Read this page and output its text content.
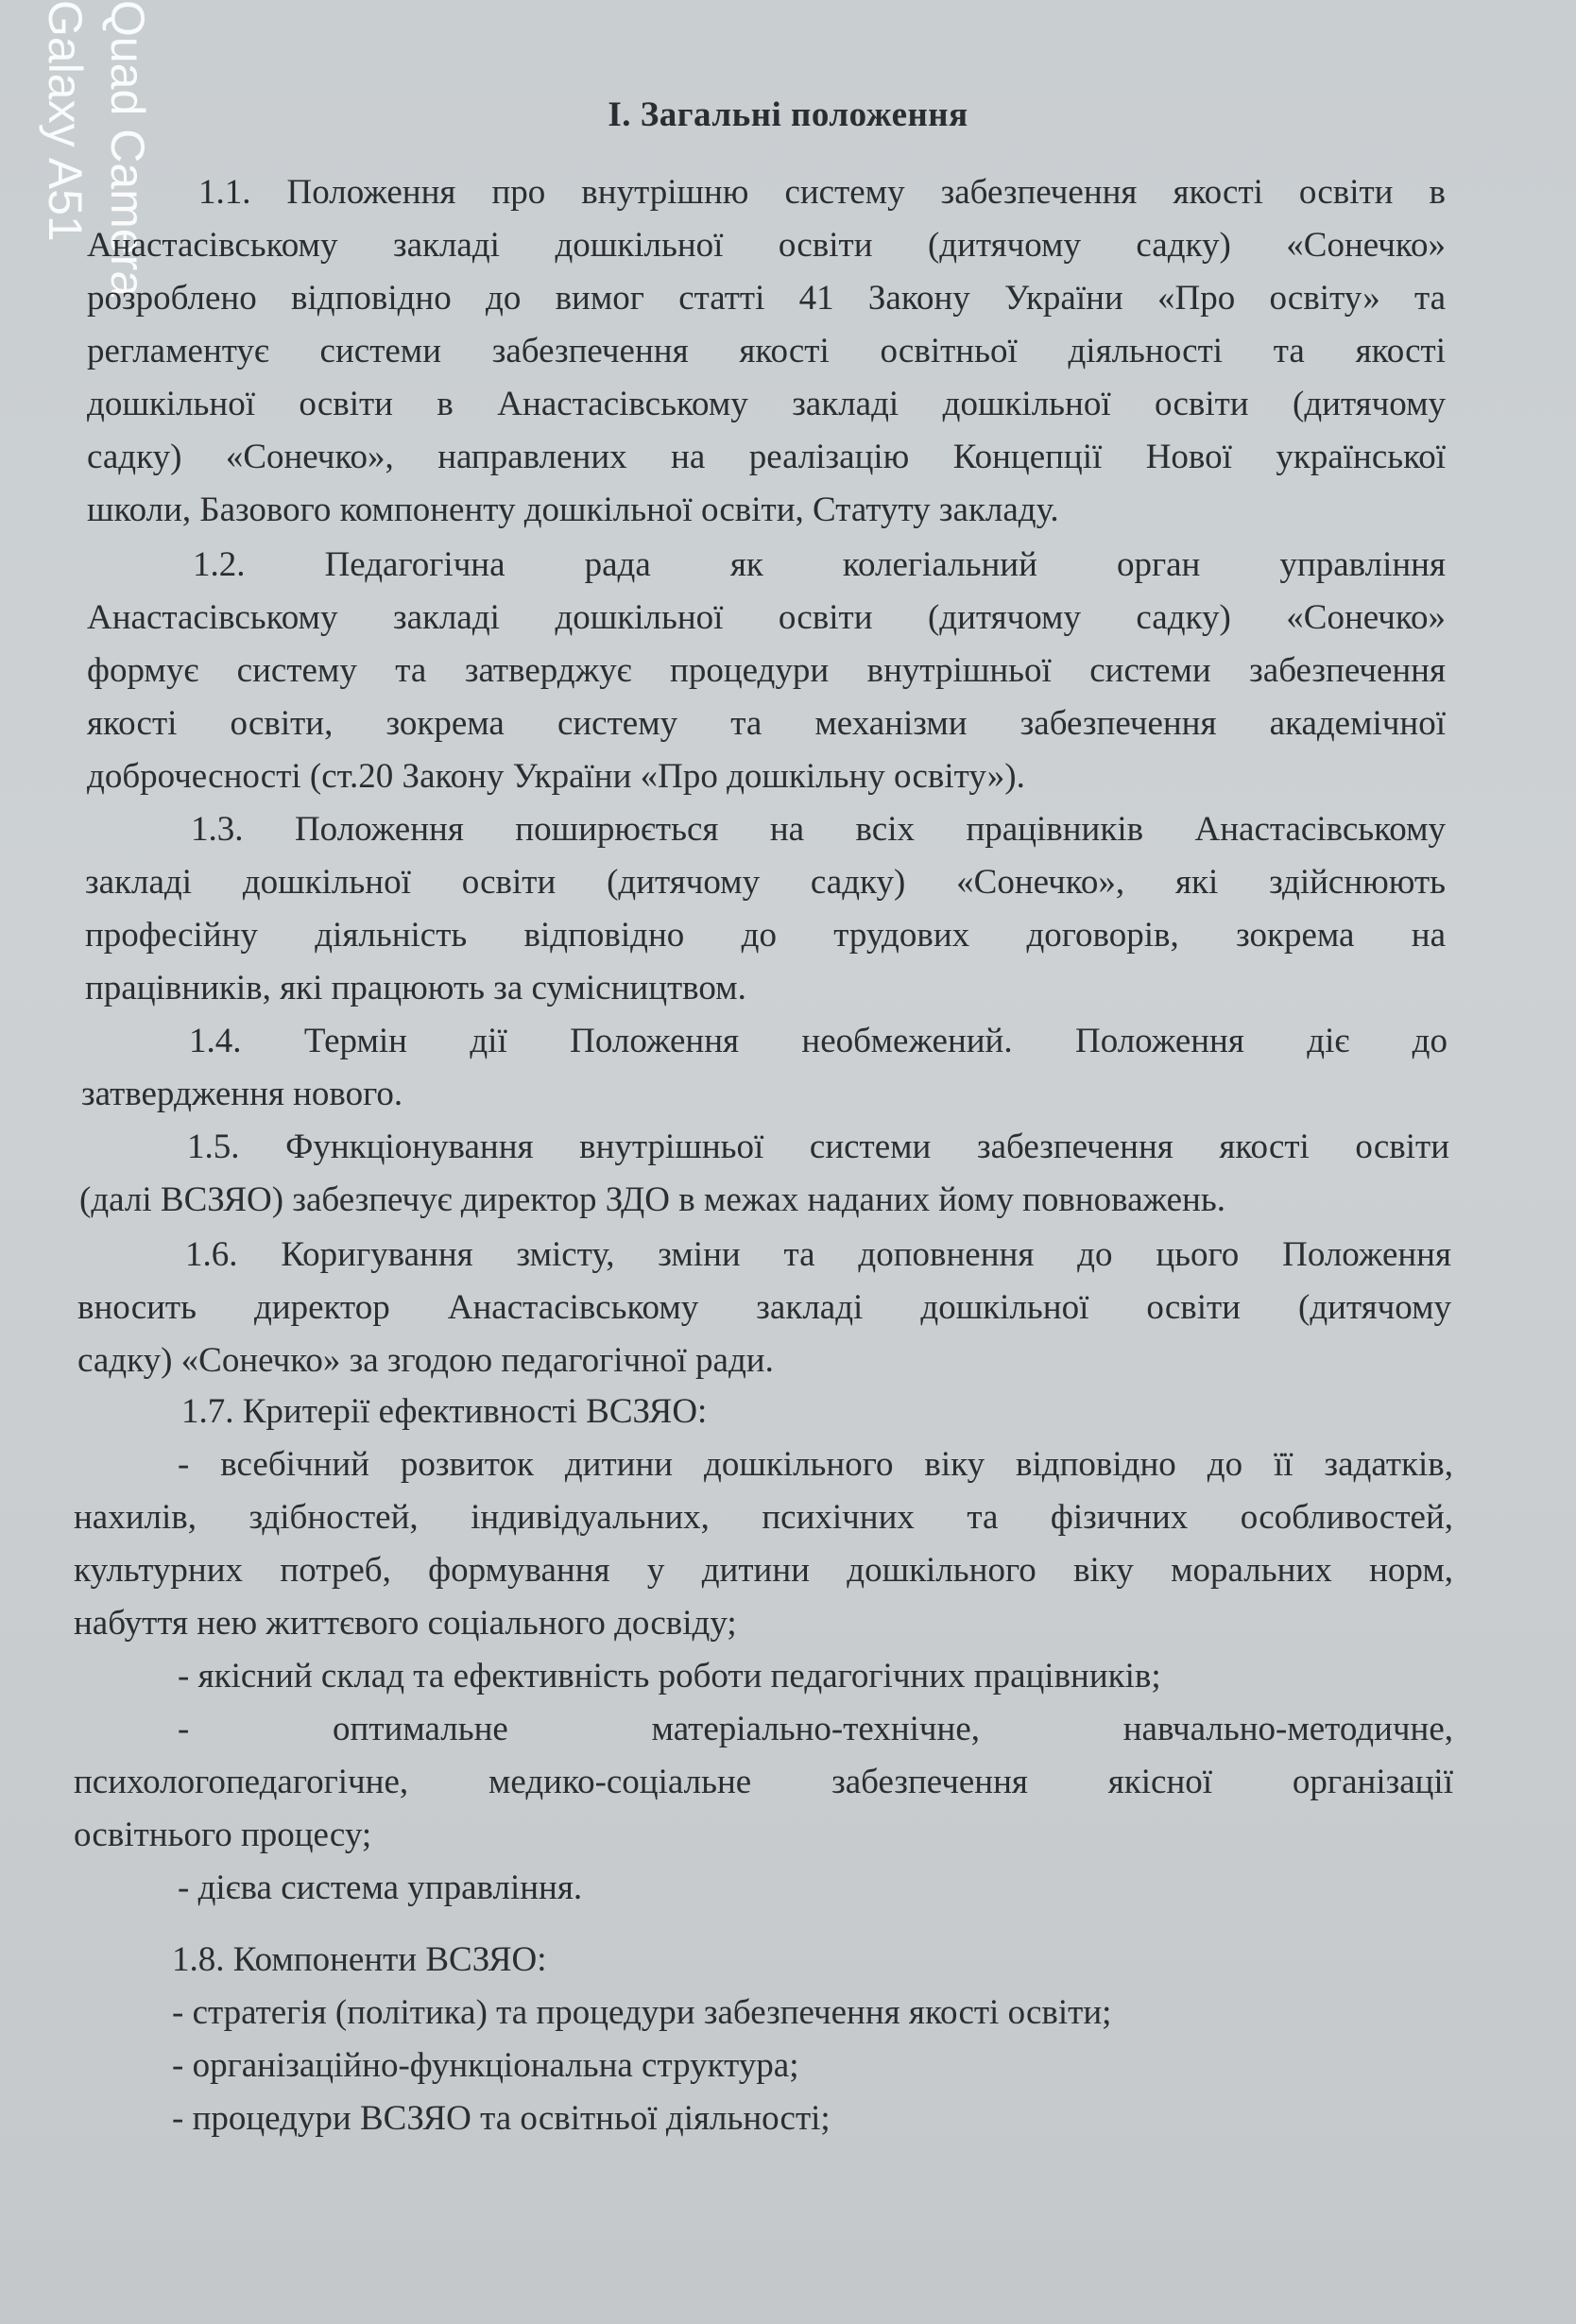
Quad Camera
Galaxy A51	І. Загальні положення
1.1. Положення про внутрішню систему забезпечення якості освіти в
Анастасівському закладі дошкільної освіти (дитячому садку) «Сонечко»
розроблено відповідно до вимог статті 41 Закону України «Про освіту» та
регламентує системи забезпечення якості освітньої діяльності та якості
дошкільної освіти в Анастасівському закладі дошкільної освіти (дитячому
садку) «Сонечко», направлених на реалізацію Концепції Нової української
школи, Базового компоненту дошкільної освіти, Статуту закладу.
1.2. Педагогічна рада як колегіальний орган управління
Анастасівському закладі дошкільної освіти (дитячому садку) «Сонечко»
формує систему та затверджує процедури внутрішньої системи забезпечення
якості освіти, зокрема систему та механізми забезпечення академічної
доброчесності (ст.20 Закону України «Про дошкільну освіту»).
1.3. Положення поширюється на всіх працівників Анастасівському
закладі дошкільної освіти (дитячому садку) «Сонечко», які здійснюють
професійну діяльність відповідно до трудових договорів, зокрема на
працівників, які працюють за сумісництвом.
1.4. Термін дії Положення необмежений. Положення діє до
затвердження нового.
1.5. Функціонування внутрішньої системи забезпечення якості освіти
(далі ВСЗЯО) забезпечує директор ЗДО в межах наданих йому повноважень.
1.6. Коригування змісту, зміни та доповнення до цього Положення
вносить директор Анастасівському закладі дошкільної освіти (дитячому
садку) «Сонечко» за згодою педагогічної ради.
1.7. Критерії ефективності ВСЗЯО:
- всебічний розвиток дитини дошкільного віку відповідно до її задатків,
нахилів, здібностей, індивідуальних, психічних та фізичних особливостей,
культурних потреб, формування у дитини дошкільного віку моральних норм,
набуття нею життєвого соціального досвіду;
- якісний склад та ефективність роботи педагогічних працівників;
- оптимальне матеріально-технічне, навчально-методичне,
психологопедагогічне, медико-соціальне забезпечення якісної організації
освітнього процесу;
- дієва система управління.
1.8. Компоненти ВСЗЯО:
- стратегія (політика) та процедури забезпечення якості освіти;
- організаційно-функціональна структура;
- процедури ВСЗЯО та освітньої діяльності;
